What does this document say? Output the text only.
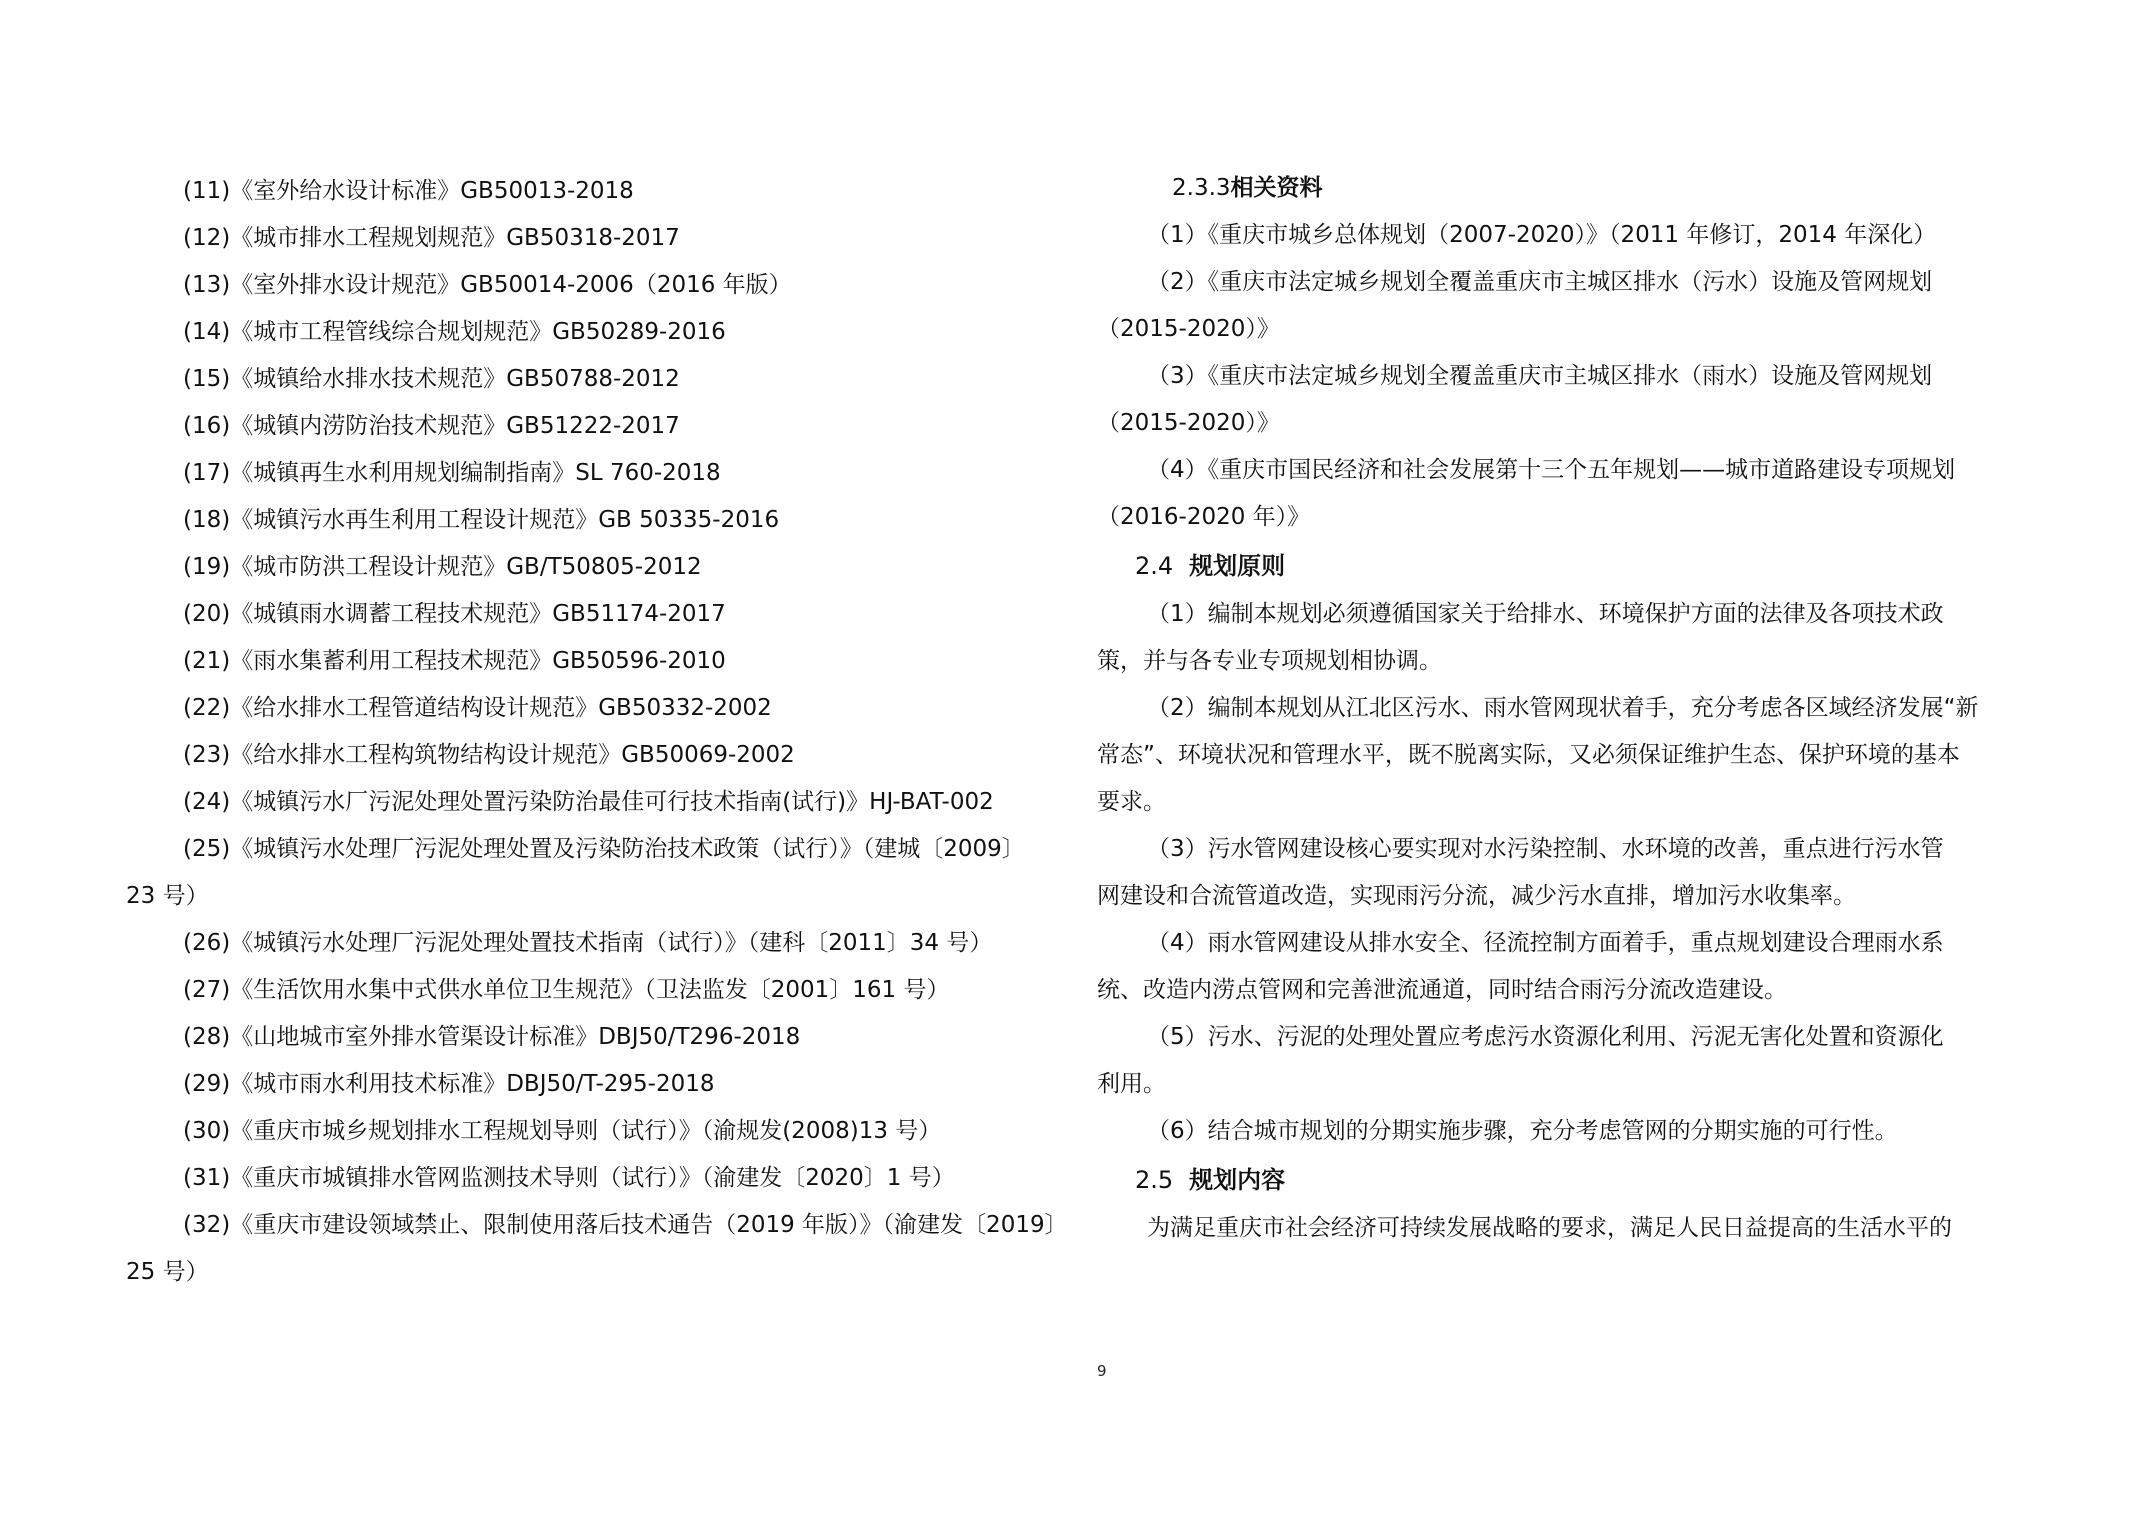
(11)《室外给水设计标准》GB50013-2018
(12)《城市排水工程规划规范》GB50318-2017
(13)《室外排水设计规范》GB50014-2006（2016 年版）
(14)《城市工程管线综合规划规范》GB50289-2016
(15)《城镇给水排水技术规范》GB50788-2012
(16)《城镇内涝防治技术规范》GB51222-2017
(17)《城镇再生水利用规划编制指南》SL 760-2018
(18)《城镇污水再生利用工程设计规范》GB 50335-2016
(19)《城市防洪工程设计规范》GB/T50805-2012
(20)《城镇雨水调蓄工程技术规范》GB51174-2017
(21)《雨水集蓄利用工程技术规范》GB50596-2010
(22)《给水排水工程管道结构设计规范》GB50332-2002
(23)《给水排水工程构筑物结构设计规范》GB50069-2002
(24)《城镇污水厂污泥处理处置污染防治最佳可行技术指南(试行)》HJ-BAT-002
(25)《城镇污水处理厂污泥处理处置及污染防治技术政策（试行）》（建城〔2009〕
23 号）
(26)《城镇污水处理厂污泥处理处置技术指南（试行）》（建科〔2011〕34 号）
(27)《生活饮用水集中式供水单位卫生规范》（卫法监发〔2001〕161 号）
(28)《山地城市室外排水管渠设计标准》DBJ50/T296-2018
(29)《城市雨水利用技术标准》DBJ50/T-295-2018
(30)《重庆市城乡规划排水工程规划导则（试行）》（渝规发(2008)13 号）
(31)《重庆市城镇排水管网监测技术导则（试行）》（渝建发〔2020〕1 号）
(32)《重庆市建设领域禁止、限制使用落后技术通告（2019 年版）》（渝建发〔2019〕
25 号）
2.3.3相关资料
（1）《重庆市城乡总体规划（2007-2020）》（2011 年修订，2014 年深化）
（2）《重庆市法定城乡规划全覆盖重庆市主城区排水（污水）设施及管网规划
（2015-2020）》
（3）《重庆市法定城乡规划全覆盖重庆市主城区排水（雨水）设施及管网规划
（2015-2020）》
（4）《重庆市国民经济和社会发展第十三个五年规划——城市道路建设专项规划
（2016-2020 年）》
2.4 规划原则
（1）编制本规划必须遵循国家关于给排水、环境保护方面的法律及各项技术政
策，并与各专业专项规划相协调。
（2）编制本规划从江北区污水、雨水管网现状着手，充分考虑各区域经济发展“新
常态”、环境状况和管理水平，既不脱离实际，又必须保证维护生态、保护环境的基本
要求。
（3）污水管网建设核心要实现对水污染控制、水环境的改善，重点进行污水管
网建设和合流管道改造，实现雨污分流，减少污水直排，增加污水收集率。
（4）雨水管网建设从排水安全、径流控制方面着手，重点规划建设合理雨水系
统、改造内涝点管网和完善泄流通道，同时结合雨污分流改造建设。
（5）污水、污泥的处理处置应考虑污水资源化利用、污泥无害化处置和资源化
利用。
（6）结合城市规划的分期实施步骤，充分考虑管网的分期实施的可行性。
2.5 规划内容
为满足重庆市社会经济可持续发展战略的要求，满足人民日益提高的生活水平的
9
